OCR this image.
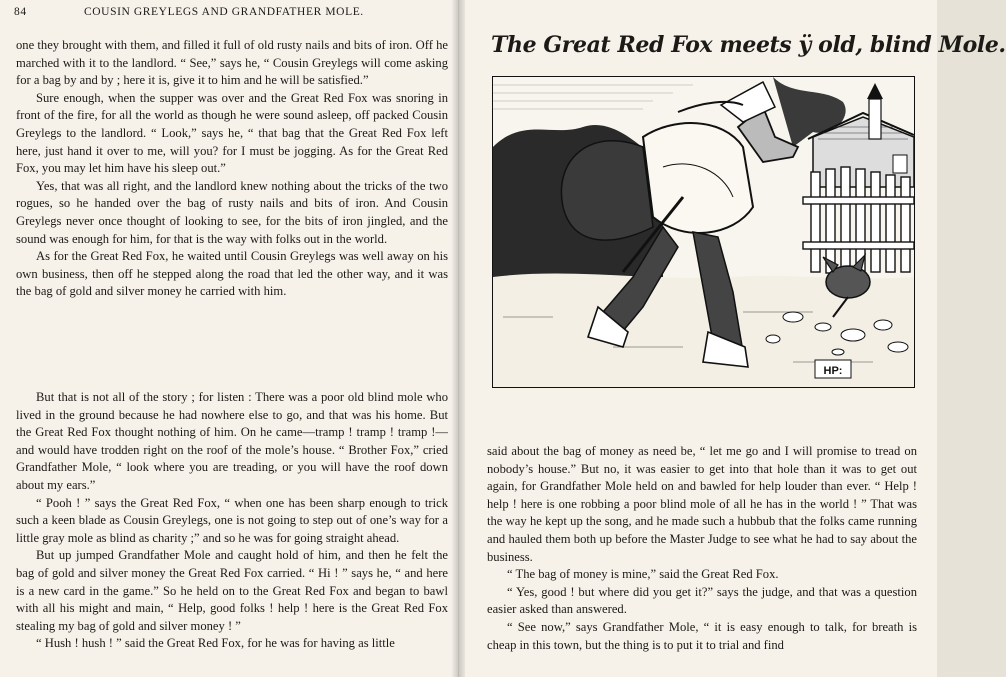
84	COUSIN GREYLEGS AND GRANDFATHER MOLE.

one they brought with them, and filled it full of old rusty nails and bits of iron. Off he marched with it to the landlord. “ See,” says he, “ Cousin Greylegs will come asking for a bag by and by ; here it is, give it to him and he will be satisfied.”

Sure enough, when the supper was over and the Great Red Fox was snoring in front of the fire, for all the world as though he were sound asleep, off packed Cousin Greylegs to the landlord. “ Look,” says he, “ that bag that the Great Red Fox left here, just hand it over to me, will you? for I must be jogging. As for the Great Red Fox, you may let him have his sleep out.”

Yes, that was all right, and the landlord knew nothing about the tricks of the two rogues, so he handed over the bag of rusty nails and bits of iron. And Cousin Greylegs never once thought of looking to see, for the bits of iron jingled, and the sound was enough for him, for that is the way with folks out in the world.

As for the Great Red Fox, he waited until Cousin Greylegs was well away on his own business, then off he stepped along the road that led the other way, and it was the bag of gold and silver money he carried with him.

But that is not all of the story ; for listen : There was a poor old blind mole who lived in the ground because he had nowhere else to go, and that was his home. But the Great Red Fox thought nothing of him. On he came—tramp ! tramp ! tramp !—and would have trodden right on the roof of the mole’s house. “ Brother Fox,” cried Grandfather Mole, “ look where you are treading, or you will have the roof down about my ears.”

“ Pooh ! ” says the Great Red Fox, “ when one has been sharp enough to trick such a keen blade as Cousin Greylegs, one is not going to step out of one’s way for a little gray mole as blind as charity ;” and so he was for going straight ahead.

But up jumped Grandfather Mole and caught hold of him, and then he felt the bag of gold and silver money the Great Red Fox carried. “ Hi ! ” says he, “ and here is a new card in the game.” So he held on to the Great Red Fox and began to bawl with all his might and main, “ Help, good folks ! help ! here is the Great Red Fox stealing my bag of gold and silver money ! ”

“ Hush ! hush ! ” said the Great Red Fox, for he was for having as little

The Great Red Fox meets ÿ old, blind Mole.
HP:

said about the bag of money as need be, “ let me go and I will promise to tread on nobody’s house.” But no, it was easier to get into that hole than it was to get out again, for Grandfather Mole held on and bawled for help louder than ever. “ Help ! help ! here is one robbing a poor blind mole of all he has in the world ! ” That was the way he kept up the song, and he made such a hubbub that the folks came running and hauled them both up before the Master Judge to see what he had to say about the business.

“ The bag of money is mine,” said the Great Red Fox.

“ Yes, good ! but where did you get it?” says the judge, and that was a question easier asked than answered.

“ See now,” says Grandfather Mole, “ it is easy enough to talk, for breath is cheap in this town, but the thing is to put it to trial and find
